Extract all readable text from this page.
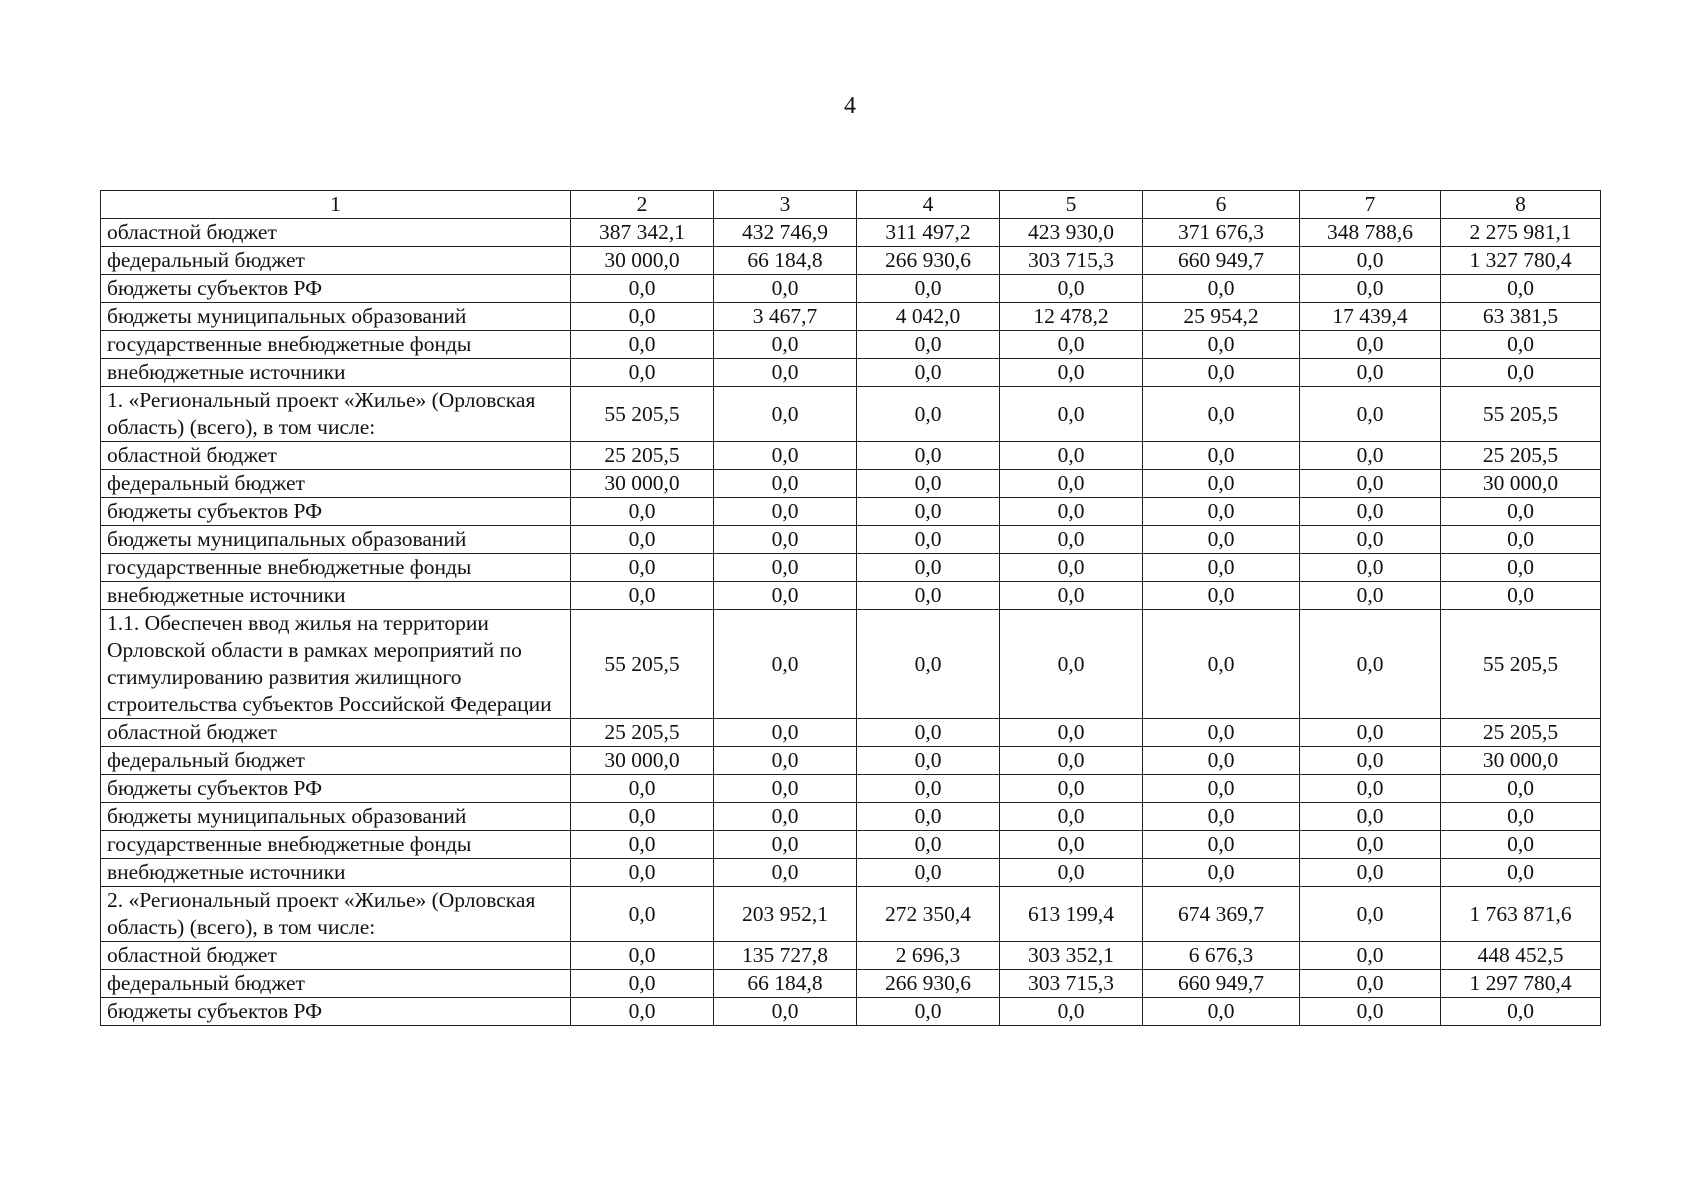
4
1	2	3	4	5	6	7	8
областной бюджет	387 342,1	432 746,9	311 497,2	423 930,0	371 676,3	348 788,6	2 275 981,1
федеральный бюджет	30 000,0	66 184,8	266 930,6	303 715,3	660 949,7	0,0	1 327 780,4
бюджеты субъектов РФ	0,0	0,0	0,0	0,0	0,0	0,0	0,0
бюджеты муниципальных образований	0,0	3 467,7	4 042,0	12 478,2	25 954,2	17 439,4	63 381,5
государственные внебюджетные фонды	0,0	0,0	0,0	0,0	0,0	0,0	0,0
внебюджетные источники	0,0	0,0	0,0	0,0	0,0	0,0	0,0
1. «Региональный проект «Жилье» (Орловская область) (всего), в том числе:	55 205,5	0,0	0,0	0,0	0,0	0,0	55 205,5
областной бюджет	25 205,5	0,0	0,0	0,0	0,0	0,0	25 205,5
федеральный бюджет	30 000,0	0,0	0,0	0,0	0,0	0,0	30 000,0
бюджеты субъектов РФ	0,0	0,0	0,0	0,0	0,0	0,0	0,0
бюджеты муниципальных образований	0,0	0,0	0,0	0,0	0,0	0,0	0,0
государственные внебюджетные фонды	0,0	0,0	0,0	0,0	0,0	0,0	0,0
внебюджетные источники	0,0	0,0	0,0	0,0	0,0	0,0	0,0
1.1. Обеспечен ввод жилья на территории Орловской области в рамках мероприятий по стимулированию развития жилищного строительства субъектов Российской Федерации	55 205,5	0,0	0,0	0,0	0,0	0,0	55 205,5
областной бюджет	25 205,5	0,0	0,0	0,0	0,0	0,0	25 205,5
федеральный бюджет	30 000,0	0,0	0,0	0,0	0,0	0,0	30 000,0
бюджеты субъектов РФ	0,0	0,0	0,0	0,0	0,0	0,0	0,0
бюджеты муниципальных образований	0,0	0,0	0,0	0,0	0,0	0,0	0,0
государственные внебюджетные фонды	0,0	0,0	0,0	0,0	0,0	0,0	0,0
внебюджетные источники	0,0	0,0	0,0	0,0	0,0	0,0	0,0
2. «Региональный проект «Жилье» (Орловская область) (всего), в том числе:	0,0	203 952,1	272 350,4	613 199,4	674 369,7	0,0	1 763 871,6
областной бюджет	0,0	135 727,8	2 696,3	303 352,1	6 676,3	0,0	448 452,5
федеральный бюджет	0,0	66 184,8	266 930,6	303 715,3	660 949,7	0,0	1 297 780,4
бюджеты субъектов РФ	0,0	0,0	0,0	0,0	0,0	0,0	0,0
